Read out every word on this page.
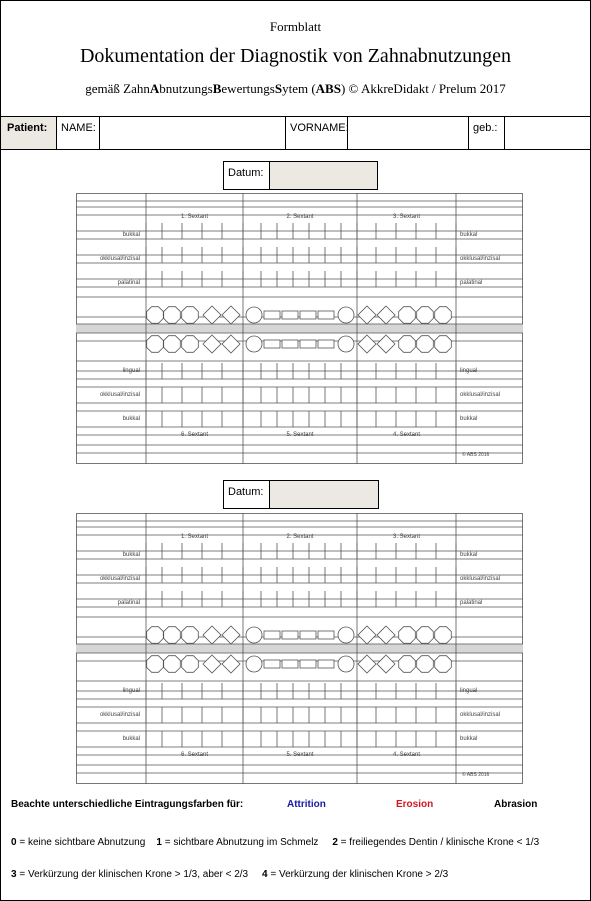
Formblatt
Dokumentation der Diagnostik von Zahnabnutzungen
gemäß ZahnAbnutzungsBewertungsSytem (ABS) © AkkreDidakt / Prelum 2017
Patient:	NAME:	VORNAME:	geb.:
Datum:
1. Sextant	2. Sextant	3. Sextant
6. Sextant	5. Sextant	4. Sextant
bukkal	bukkal
okklusal/inzisal	okklusal/inzisal
palatinal	palatinal
lingual	lingual
okklusal/inzisal	okklusal/inzisal
bukkal	bukkal
© ABS 2016
Datum:
1. Sextant	2. Sextant	3. Sextant
6. Sextant	5. Sextant	4. Sextant
bukkal	bukkal
okklusal/inzisal	okklusal/inzisal
palatinal	palatinal
lingual	lingual
okklusal/inzisal	okklusal/inzisal
bukkal	bukkal
© ABS 2016
Beachte unterschiedliche Eintragungsfarben für:	Attrition	Erosion	Abrasion
0 = keine sichtbare Abnutzung 1 = sichtbare Abnutzung im Schmelz 2 = freiliegendes Dentin / klinische Krone < 1/3
3 = Verkürzung der klinischen Krone > 1/3, aber < 2/3 4 = Verkürzung der klinischen Krone > 2/3
